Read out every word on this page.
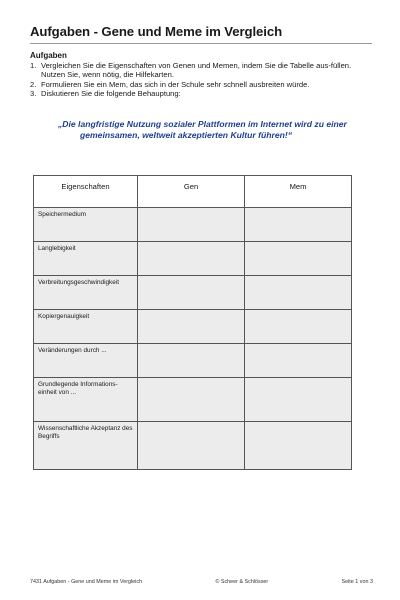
Aufgaben - Gene und Meme im Vergleich
Aufgaben
1. Vergleichen Sie die Eigenschaften von Genen und Memen, indem Sie die Tabelle aus-füllen. Nutzen Sie, wenn nötig, die Hilfekarten.
2. Formulieren Sie ein Mem, das sich in der Schule sehr schnell ausbreiten würde.
3. Diskutieren Sie die folgende Behauptung:
„Die langfristige Nutzung sozialer Plattformen im Internet wird zu einer
gemeinsamen, weltweit akzeptierten Kultur führen!“
Eigenschaften	Gen	Mem
Speichermedium		
Langlebigkeit		
Verbreitungsgeschwindigkeit		
Kopiergenauigkeit		
Veränderungen durch ...		
Grundlegende Informations-einheit von ...		
Wissenschaftliche Akzeptanz des Begriffs		
7431 Aufgaben - Gene und Meme im Vergleich	© Scheer & Schlösser	Seite 1 von 3
